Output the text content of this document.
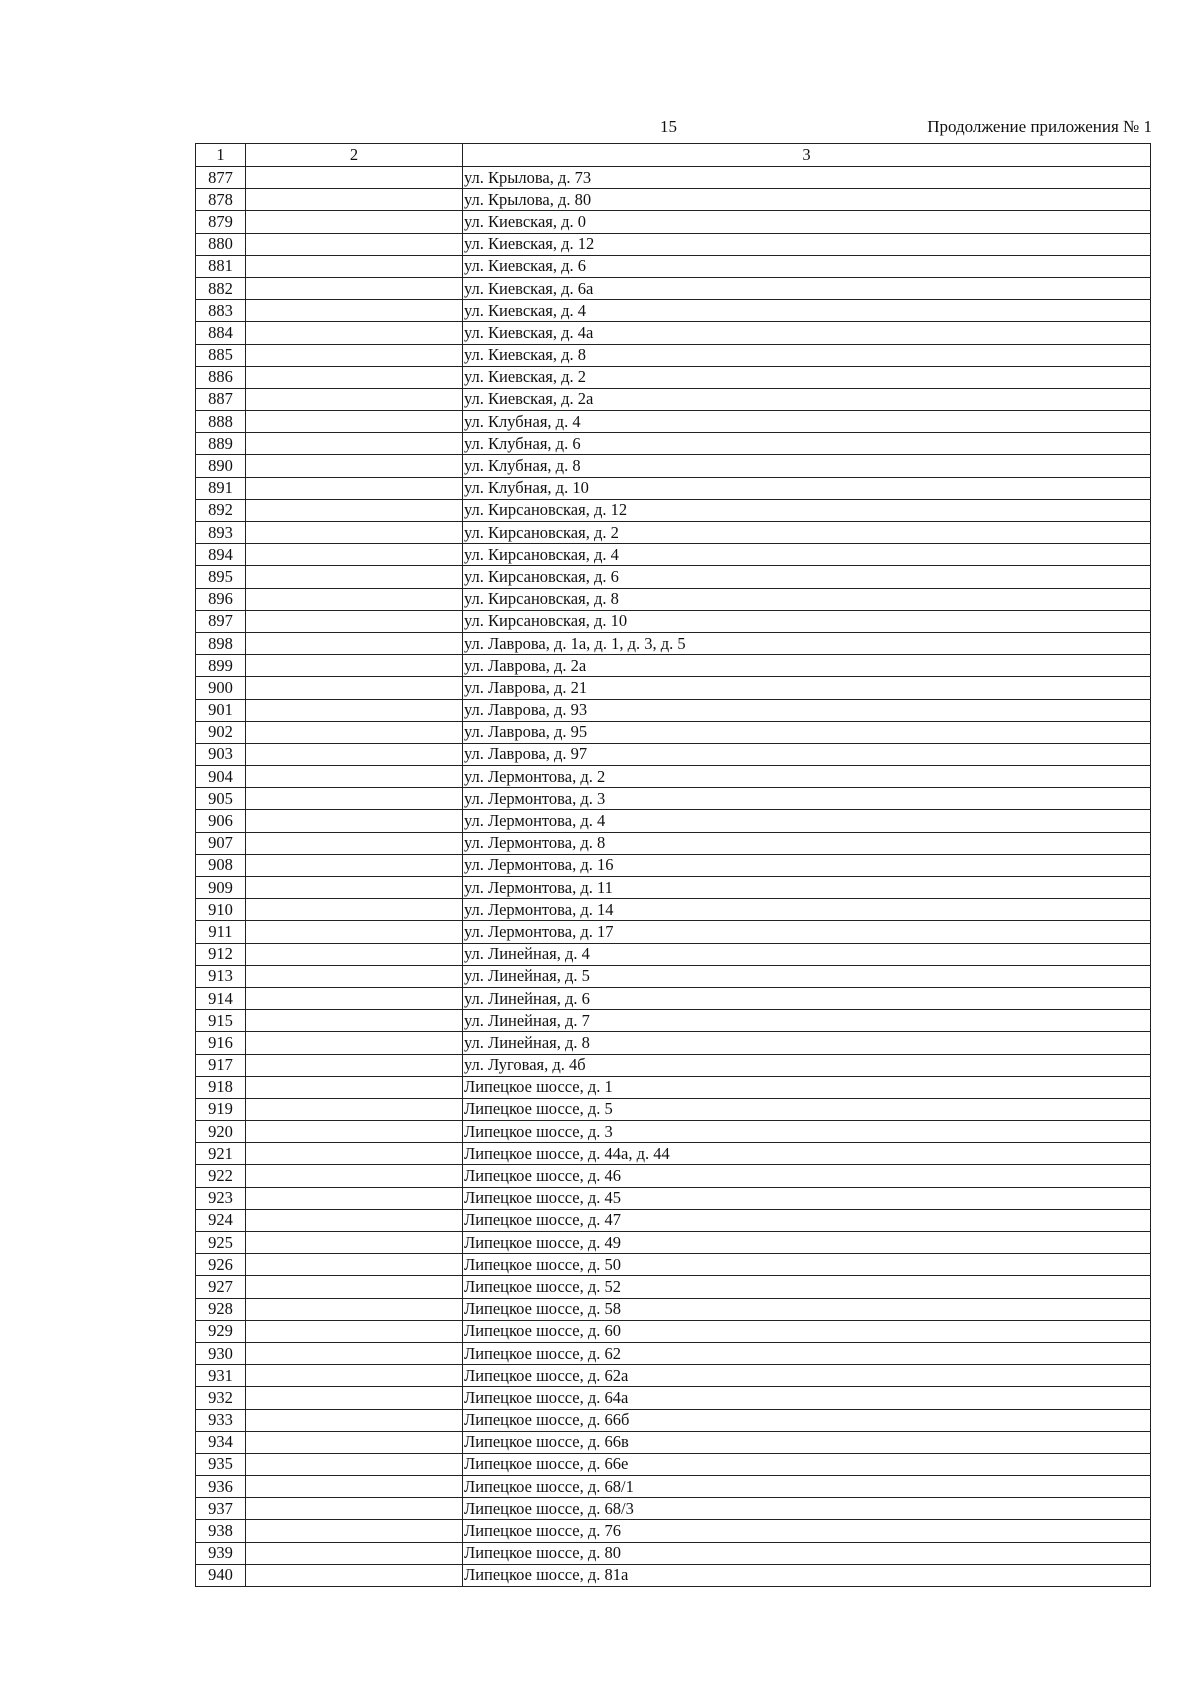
15	Продолжение приложения № 1
1	2	3
877		ул. Крылова, д. 73
878		ул. Крылова, д. 80
879		ул. Киевская, д. 0
880		ул. Киевская, д. 12
881		ул. Киевская, д. 6
882		ул. Киевская, д. 6а
883		ул. Киевская, д. 4
884		ул. Киевская, д. 4а
885		ул. Киевская, д. 8
886		ул. Киевская, д. 2
887		ул. Киевская, д. 2а
888		ул. Клубная, д. 4
889		ул. Клубная, д. 6
890		ул. Клубная, д. 8
891		ул. Клубная, д. 10
892		ул. Кирсановская, д. 12
893		ул. Кирсановская, д. 2
894		ул. Кирсановская, д. 4
895		ул. Кирсановская, д. 6
896		ул. Кирсановская, д. 8
897		ул. Кирсановская, д. 10
898		ул. Лаврова, д. 1а, д. 1, д. 3, д. 5
899		ул. Лаврова, д. 2а
900		ул. Лаврова, д. 21
901		ул. Лаврова, д. 93
902		ул. Лаврова, д. 95
903		ул. Лаврова, д. 97
904		ул. Лермонтова, д. 2
905		ул. Лермонтова, д. 3
906		ул. Лермонтова, д. 4
907		ул. Лермонтова, д. 8
908		ул. Лермонтова, д. 16
909		ул. Лермонтова, д. 11
910		ул. Лермонтова, д. 14
911		ул. Лермонтова, д. 17
912		ул. Линейная, д. 4
913		ул. Линейная, д. 5
914		ул. Линейная, д. 6
915		ул. Линейная, д. 7
916		ул. Линейная, д. 8
917		ул. Луговая, д. 4б
918		Липецкое шоссе, д. 1
919		Липецкое шоссе, д. 5
920		Липецкое шоссе, д. 3
921		Липецкое шоссе, д. 44а, д. 44
922		Липецкое шоссе, д. 46
923		Липецкое шоссе, д. 45
924		Липецкое шоссе, д. 47
925		Липецкое шоссе, д. 49
926		Липецкое шоссе, д. 50
927		Липецкое шоссе, д. 52
928		Липецкое шоссе, д. 58
929		Липецкое шоссе, д. 60
930		Липецкое шоссе, д. 62
931		Липецкое шоссе, д. 62а
932		Липецкое шоссе, д. 64а
933		Липецкое шоссе, д. 66б
934		Липецкое шоссе, д. 66в
935		Липецкое шоссе, д. 66е
936		Липецкое шоссе, д. 68/1
937		Липецкое шоссе, д. 68/3
938		Липецкое шоссе, д. 76
939		Липецкое шоссе, д. 80
940		Липецкое шоссе, д. 81а
